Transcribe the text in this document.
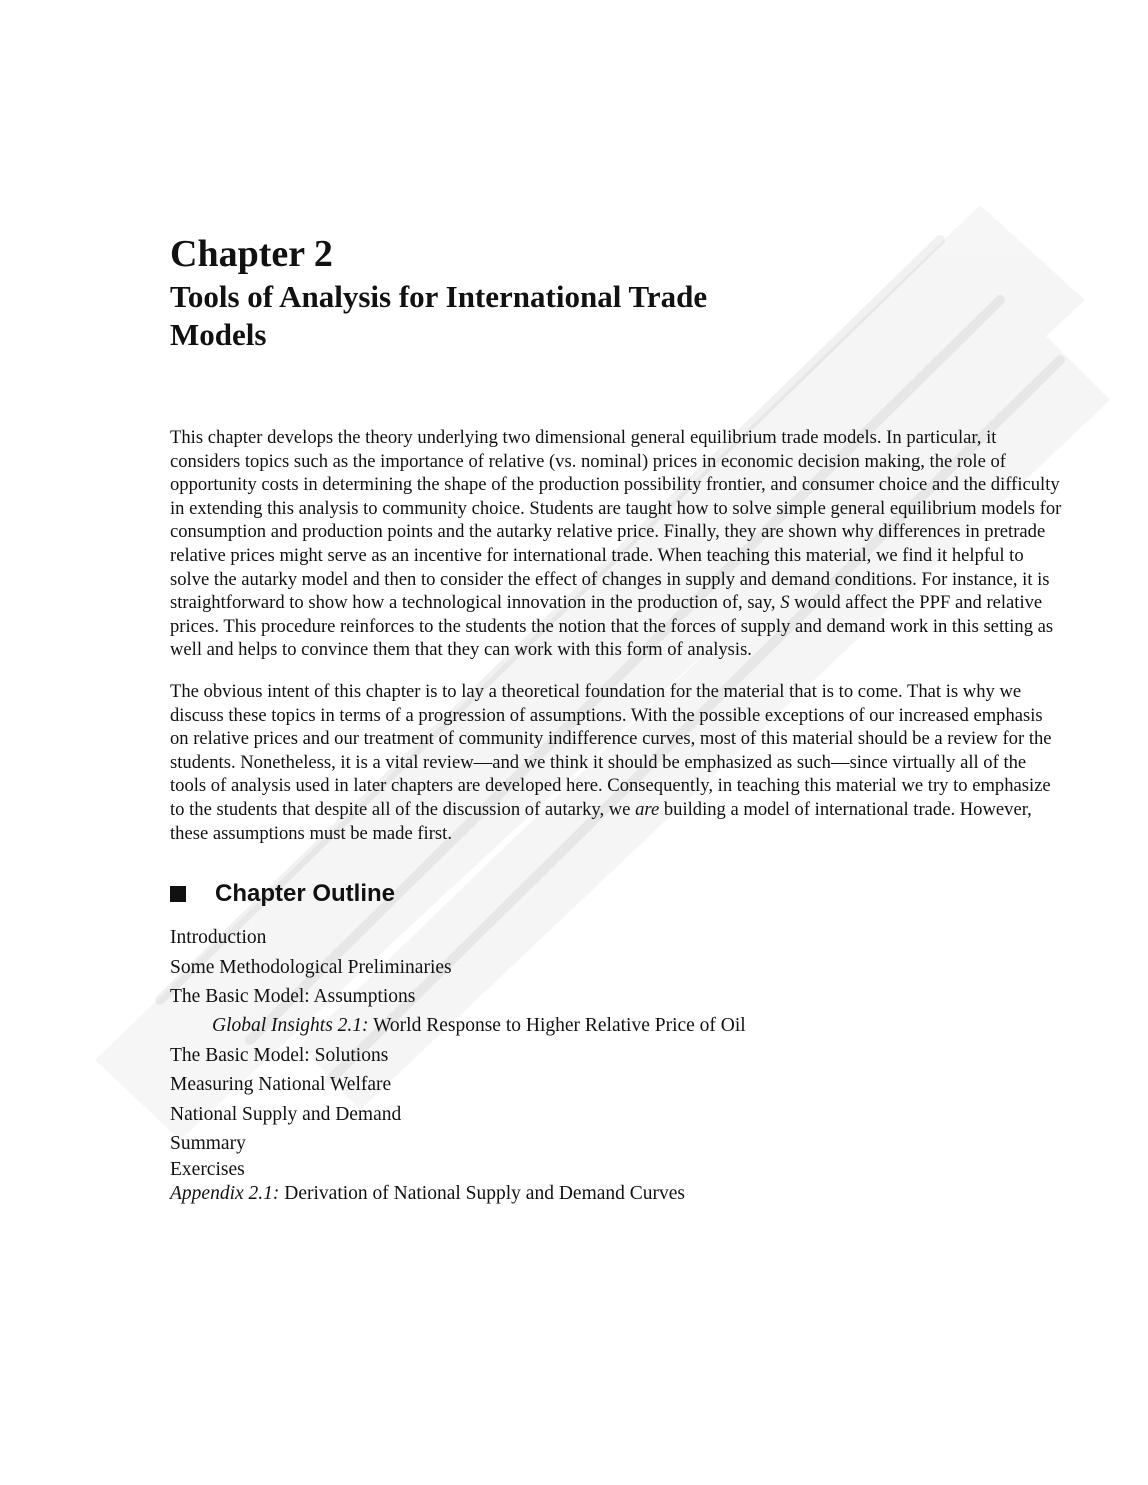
Chapter 2
Tools of Analysis for International Trade Models

This chapter develops the theory underlying two dimensional general equilibrium trade models. In particular, it considers topics such as the importance of relative (vs. nominal) prices in economic decision making, the role of opportunity costs in determining the shape of the production possibility frontier, and consumer choice and the difficulty in extending this analysis to community choice. Students are taught how to solve simple general equilibrium models for consumption and production points and the autarky relative price. Finally, they are shown why differences in pretrade relative prices might serve as an incentive for international trade. When teaching this material, we find it helpful to solve the autarky model and then to consider the effect of changes in supply and demand conditions. For instance, it is straightforward to show how a technological innovation in the production of, say, S would affect the PPF and relative prices. This procedure reinforces to the students the notion that the forces of supply and demand work in this setting as well and helps to convince them that they can work with this form of analysis.

The obvious intent of this chapter is to lay a theoretical foundation for the material that is to come. That is why we discuss these topics in terms of a progression of assumptions. With the possible exceptions of our increased emphasis on relative prices and our treatment of community indifference curves, most of this material should be a review for the students. Nonetheless, it is a vital review—and we think it should be emphasized as such—since virtually all of the tools of analysis used in later chapters are developed here. Consequently, in teaching this material we try to emphasize to the students that despite all of the discussion of autarky, we are building a model of international trade. However, these assumptions must be made first.

Chapter Outline
Introduction
Some Methodological Preliminaries
The Basic Model: Assumptions
Global Insights 2.1: World Response to Higher Relative Price of Oil
The Basic Model: Solutions
Measuring National Welfare
National Supply and Demand
Summary
Exercises
Appendix 2.1: Derivation of National Supply and Demand Curves
